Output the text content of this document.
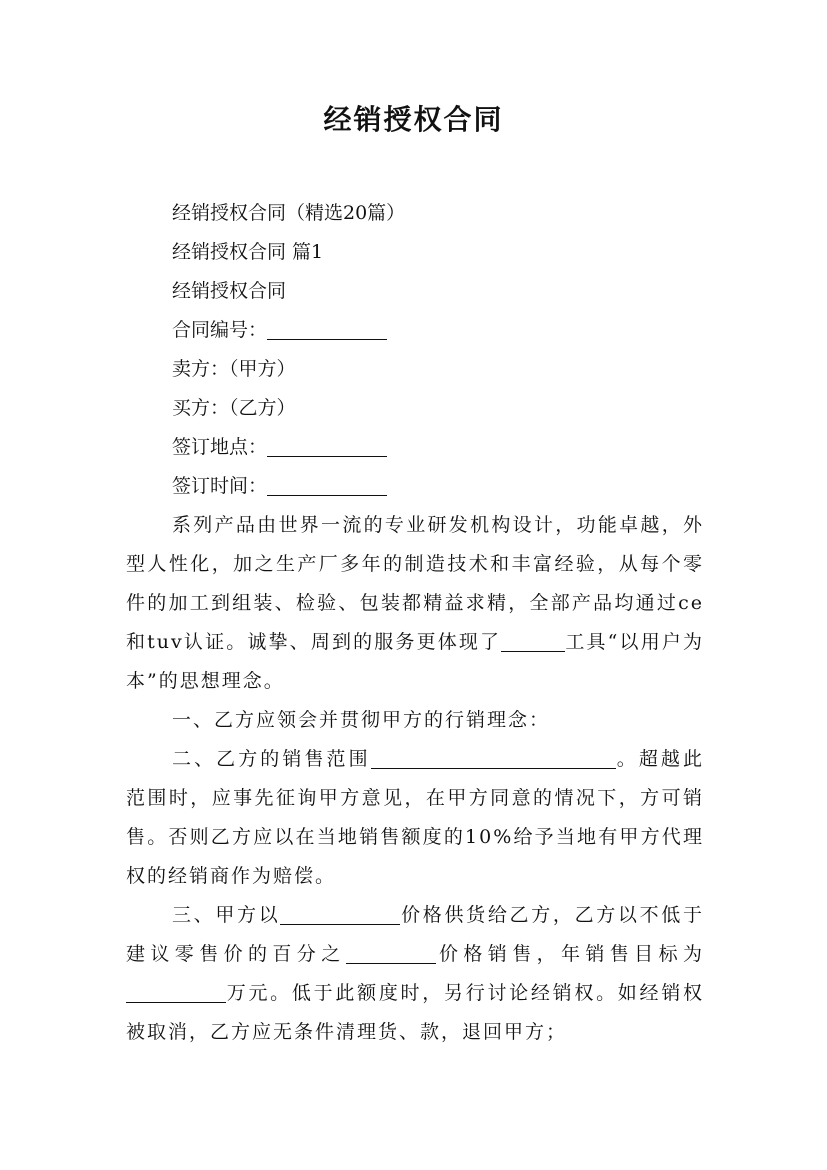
经销授权合同

经销授权合同（精选20篇）

经销授权合同 篇1

经销授权合同

合同编号：

卖方：（甲方）

买方：（乙方）

签订地点：

签订时间：

系列产品由世界一流的专业研发机构设计，功能卓越，外型人性化，加之生产厂多年的制造技术和丰富经验，从每个零件的加工到组装、检验、包装都精益求精，全部产品均通过ce和tuv认证。诚挚、周到的服务更体现了	工具“以用户为本”的思想理念。

一、乙方应领会并贯彻甲方的行销理念：

二、乙方的销售范围	。超越此范围时，应事先征询甲方意见，在甲方同意的情况下，方可销售。否则乙方应以在当地销售额度的10%给予当地有甲方代理权的经销商作为赔偿。

三、甲方以	价格供货给乙方，乙方以不低于建议零售价的百分之	价格销售，年销售目标为万元。低于此额度时，另行讨论经销权。如经销权被取消，乙方应无条件清理货、款，退回甲方；
